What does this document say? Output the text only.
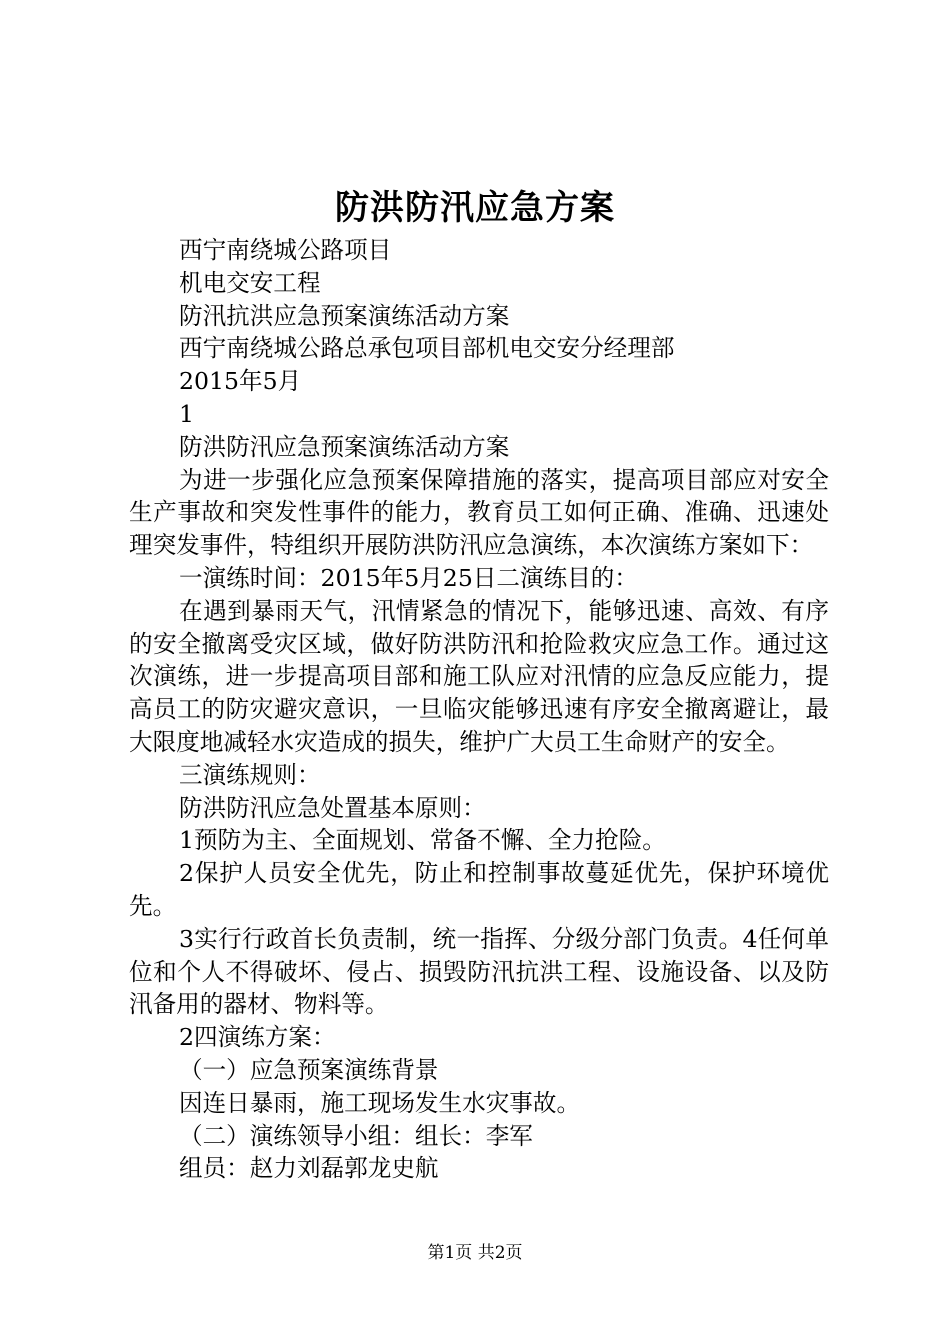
防洪防汛应急方案

西宁南绕城公路项目

机电交安工程

防汛抗洪应急预案演练活动方案

西宁南绕城公路总承包项目部机电交安分经理部

2015年5月

1

防洪防汛应急预案演练活动方案

为进一步强化应急预案保障措施的落实，提高项目部应对安全生产事故和突发性事件的能力，教育员工如何正确、准确、迅速处理突发事件，特组织开展防洪防汛应急演练，本次演练方案如下：

一演练时间：2015年5月25日二演练目的：

在遇到暴雨天气，汛情紧急的情况下，能够迅速、高效、有序的安全撤离受灾区域，做好防洪防汛和抢险救灾应急工作。通过这次演练，进一步提高项目部和施工队应对汛情的应急反应能力，提高员工的防灾避灾意识，一旦临灾能够迅速有序安全撤离避让，最大限度地减轻水灾造成的损失，维护广大员工生命财产的安全。

三演练规则：

防洪防汛应急处置基本原则：

1预防为主、全面规划、常备不懈、全力抢险。

2保护人员安全优先，防止和控制事故蔓延优先，保护环境优先。

3实行行政首长负责制，统一指挥、分级分部门负责。4任何单位和个人不得破坏、侵占、损毁防汛抗洪工程、设施设备、以及防汛备用的器材、物料等。

2四演练方案：

（一）应急预案演练背景

因连日暴雨，施工现场发生水灾事故。

（二）演练领导小组：组长：李军

组员：赵力刘磊郭龙史航

第1页 共2页
